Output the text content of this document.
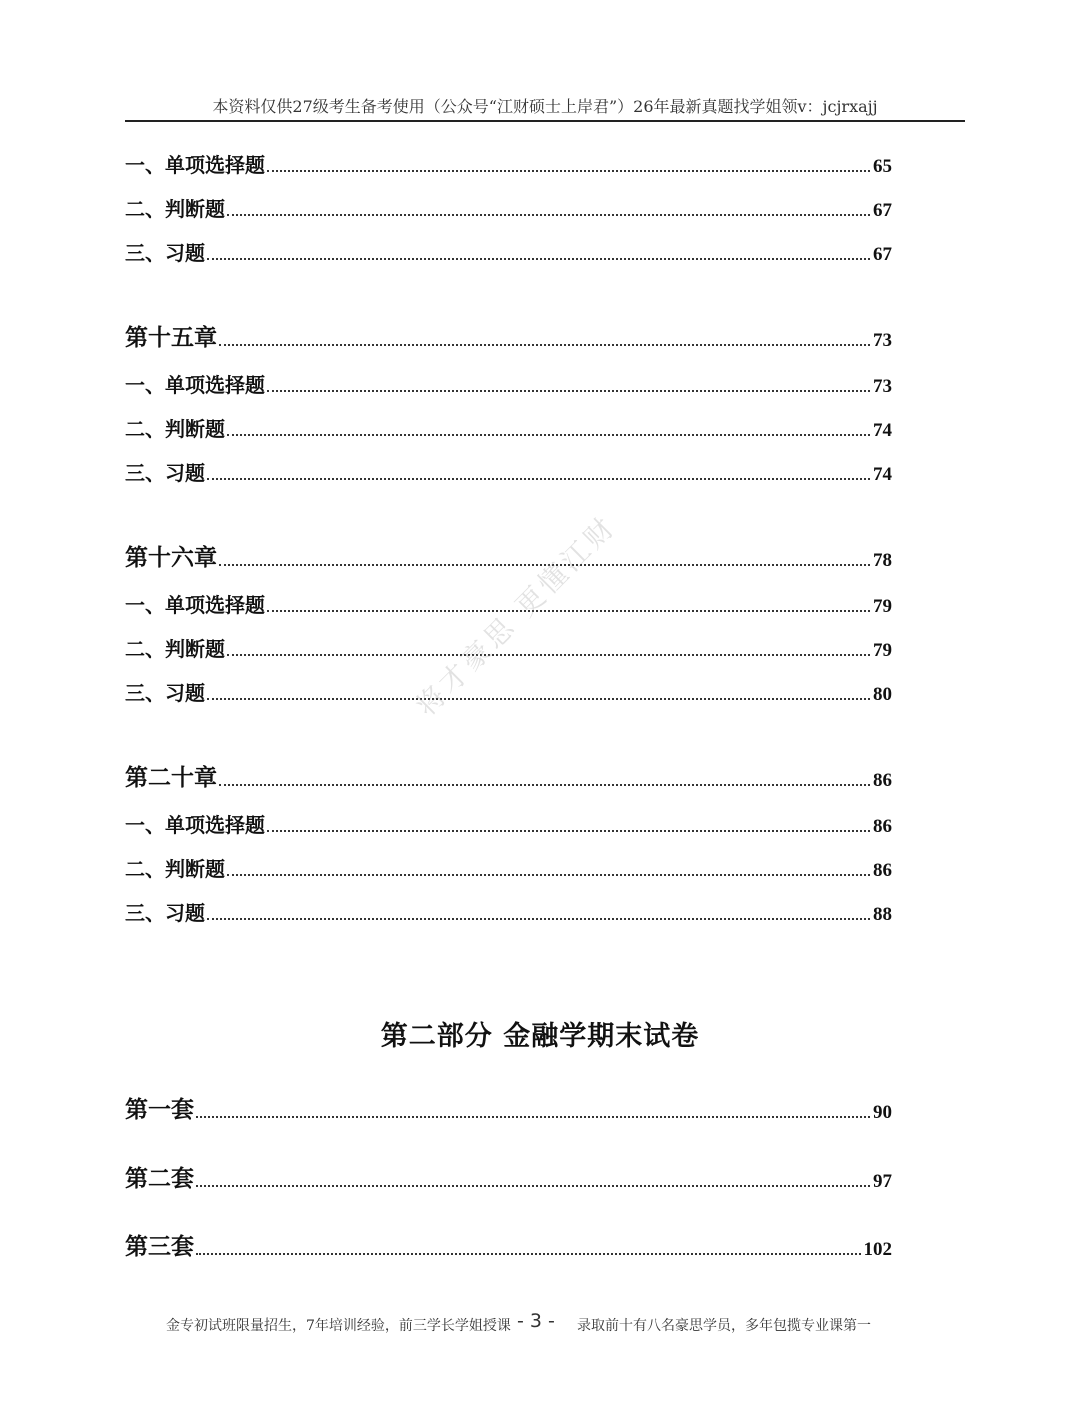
本资料仅供27级考生备考使用（公众号“江财硕士上岸君”）26年最新真题找学姐领v：jcjrxajj
一、单项选择题	65
二、判断题	67
三、习题	67
第十五章	73
一、单项选择题	73
二、判断题	74
三、习题	74
第十六章	78
一、单项选择题	79
二、判断题	79
三、习题	80
第二十章	86
一、单项选择题	86
二、判断题	86
三、习题	88
第二部分 金融学期末试卷
第一套	90
第二套	97
第三套	102
将才豪思 更懂江财
金专初试班限量招生，7年培训经验，前三学长学姐授课 - 3 - 录取前十有八名豪思学员，多年包揽专业课第一
